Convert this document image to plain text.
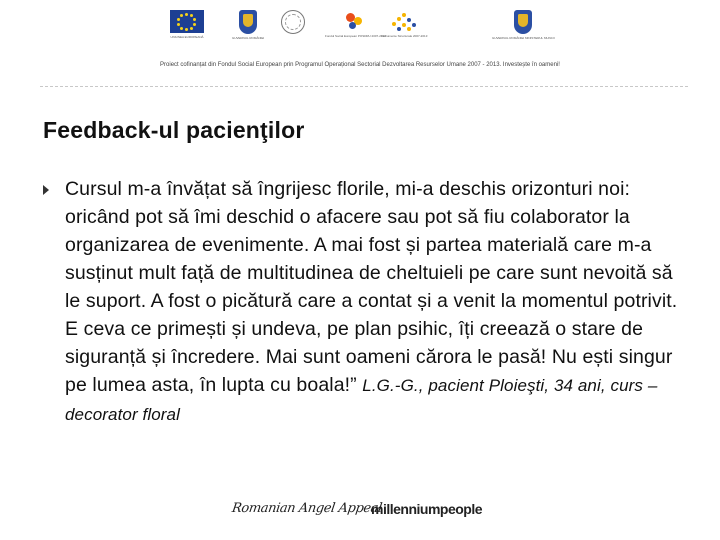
UNIUNEA EUROPEANĂ	GUVERNUL ROMÂNIEI	Fondul Social European POSDRU 2007-2013
Instrumente Structurale 2007-2013	GUVERNUL ROMÂNIEI MINISTERUL MUNCII
Proiect cofinanțat din Fondul Social European prin Programul Operațional Sectorial Dezvoltarea Resurselor Umane 2007 - 2013. Investește în oameni!
Feedback-ul pacienţilor

Cursul m-a învățat să îngrijesc florile, mi-a deschis orizonturi noi: oricând pot să îmi deschid o afacere sau pot să fiu colaborator la organizarea de evenimente. A mai fost și partea materială care m-a susținut mult față de multitudinea de cheltuieli pe care sunt nevoită să le suport. A fost o picătură care a contat și a venit la momentul potrivit. E ceva ce primești și undeva, pe plan psihic, îți creează o stare de siguranță și încredere. Mai sunt oameni cărora le pasă! Nu ești singur pe lumea asta, în lupta cu boala!” L.G.-G., pacient Ploieşti, 34 ani, curs – decorator floral

Romanian Angel Appeal
millenniumpeople
